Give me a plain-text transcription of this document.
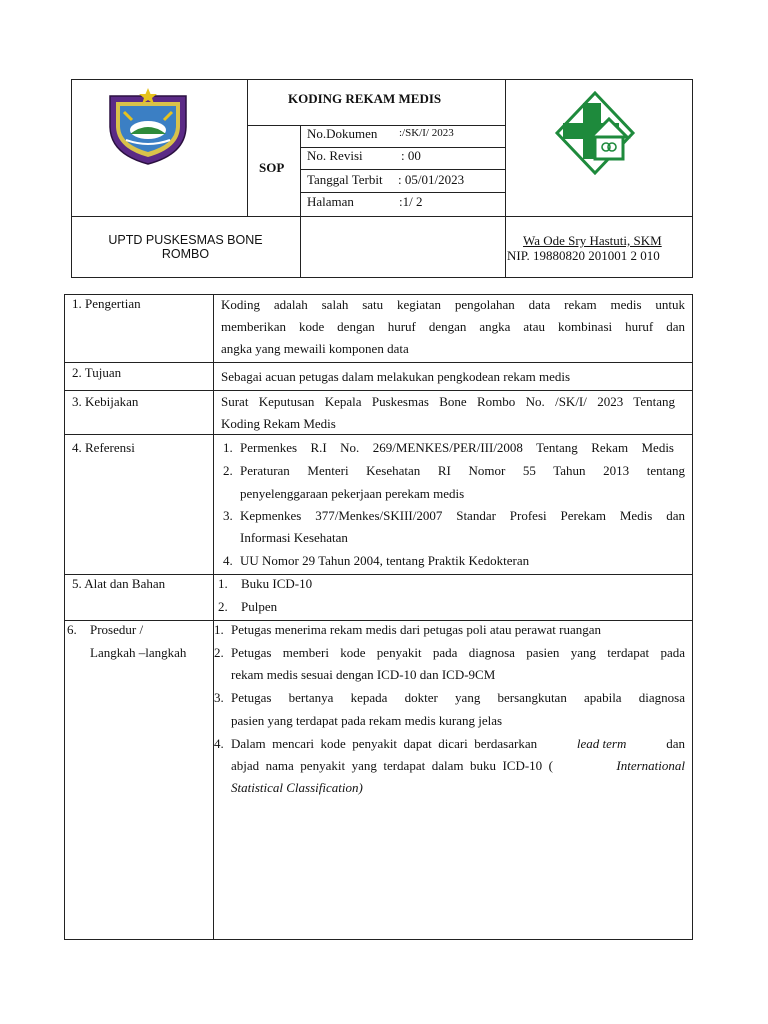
KODING REKAM MEDIS
SOP
No.Dokumen :/SK/I/ 2023
No. Revisi	: 00
Tanggal Terbit : 05/01/2023
Halaman	:1/ 2
UPTD PUSKESMAS BONE
ROMBO
Wa Ode Sry Hastuti, SKM
NIP. 19880820 201001 2 010
1. Pengertian	Koding adalah salah satu kegiatan pengolahan data rekam medis untuk
memberikan kode dengan huruf dengan angka atau kombinasi huruf dan
angka yang mewaili komponen data
2. Tujuan	Sebagai acuan petugas dalam melakukan pengkodean rekam medis
3. Kebijakan	Surat Keputusan Kepala Puskesmas Bone Rombo No. /SK/I/ 2023 Tentang
Koding Rekam Medis
4. Referensi	1. Permenkes R.I No. 269/MENKES/PER/III/2008 Tentang Rekam Medis
2. Peraturan Menteri Kesehatan RI Nomor 55 Tahun 2013 tentang
penyelenggaraan pekerjaan perekam medis
3. Kepmenkes 377/Menkes/SKIII/2007 Standar Profesi Perekam Medis dan
Informasi Kesehatan
4. UU Nomor 29 Tahun 2004, tentang Praktik Kedokteran
5. Alat dan Bahan	1. Buku ICD-10
2. Pulpen
6. Prosedur /
Langkah –langkah
1. Petugas menerima rekam medis dari petugas poli atau perawat ruangan
2. Petugas memberi kode penyakit pada diagnosa pasien yang terdapat pada
rekam medis sesuai dengan ICD-10 dan ICD-9CM
3. Petugas bertanya kepada dokter yang bersangkutan apabila diagnosa
pasien yang terdapat pada rekam medis kurang jelas
4. Dalam  mencari  kode  penyakit  dapat  dicari  berdasarkan	lead term	dan
abjad  nama  penyakit  yang  terdapat  dalam  buku  ICD-10  (	International
Statistical Classification)
